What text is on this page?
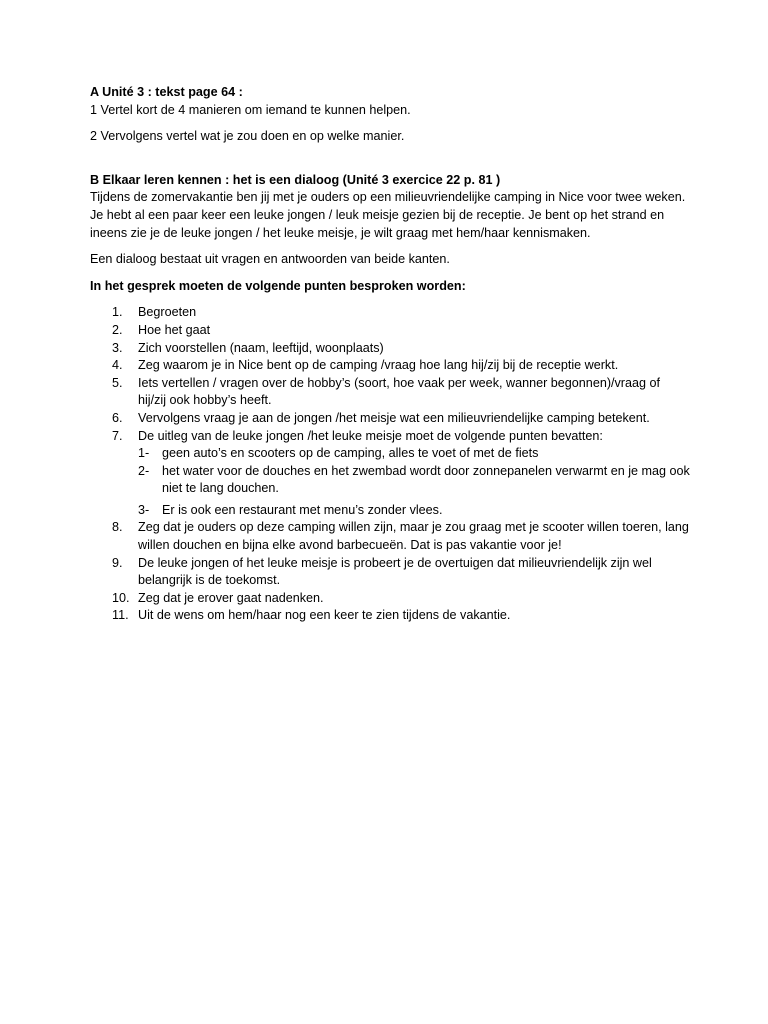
A Unité 3 : tekst page 64 :

1 Vertel kort de 4 manieren om iemand te kunnen helpen.

2 Vervolgens vertel wat je zou doen en op welke manier.

B Elkaar leren kennen : het is een dialoog (Unité 3 exercice 22 p. 81 )

Tijdens de zomervakantie ben jij met je ouders op een milieuvriendelijke camping in Nice voor twee weken. Je hebt al een paar keer een leuke jongen / leuk meisje gezien bij de receptie. Je bent op het strand en ineens zie je de leuke jongen / het leuke meisje, je wilt graag met hem/haar kennismaken.

Een dialoog bestaat uit vragen en antwoorden van beide kanten.

In het gesprek moeten de volgende punten besproken worden:

1. Begroeten
2. Hoe het gaat
3. Zich voorstellen (naam, leeftijd, woonplaats)
4. Zeg waarom je in Nice bent op de camping /vraag hoe lang hij/zij bij de receptie werkt.
5. Iets vertellen / vragen over de hobby’s (soort, hoe vaak per week, wanner begonnen)/vraag of hij/zij ook hobby’s heeft.
6. Vervolgens vraag je aan de jongen /het meisje wat een milieuvriendelijke camping betekent.
7. De uitleg van de leuke jongen /het leuke meisje moet de volgende punten bevatten:
1- geen auto’s en scooters op de camping, alles te voet of met de fiets
2- het water voor de douches en het zwembad wordt door zonnepanelen verwarmt en je mag ook niet te lang douchen.
3- Er is ook een restaurant met menu’s zonder vlees.
8. Zeg dat je ouders op deze camping willen zijn, maar je zou graag met je scooter willen toeren, lang willen douchen en bijna elke avond barbecueën. Dat is pas vakantie voor je!
9. De leuke jongen of het leuke meisje is probeert je de overtuigen dat milieuvriendelijk zijn wel belangrijk is de toekomst.
10. Zeg dat je erover gaat nadenken.
11. Uit de wens om hem/haar nog een keer te zien tijdens de vakantie.
